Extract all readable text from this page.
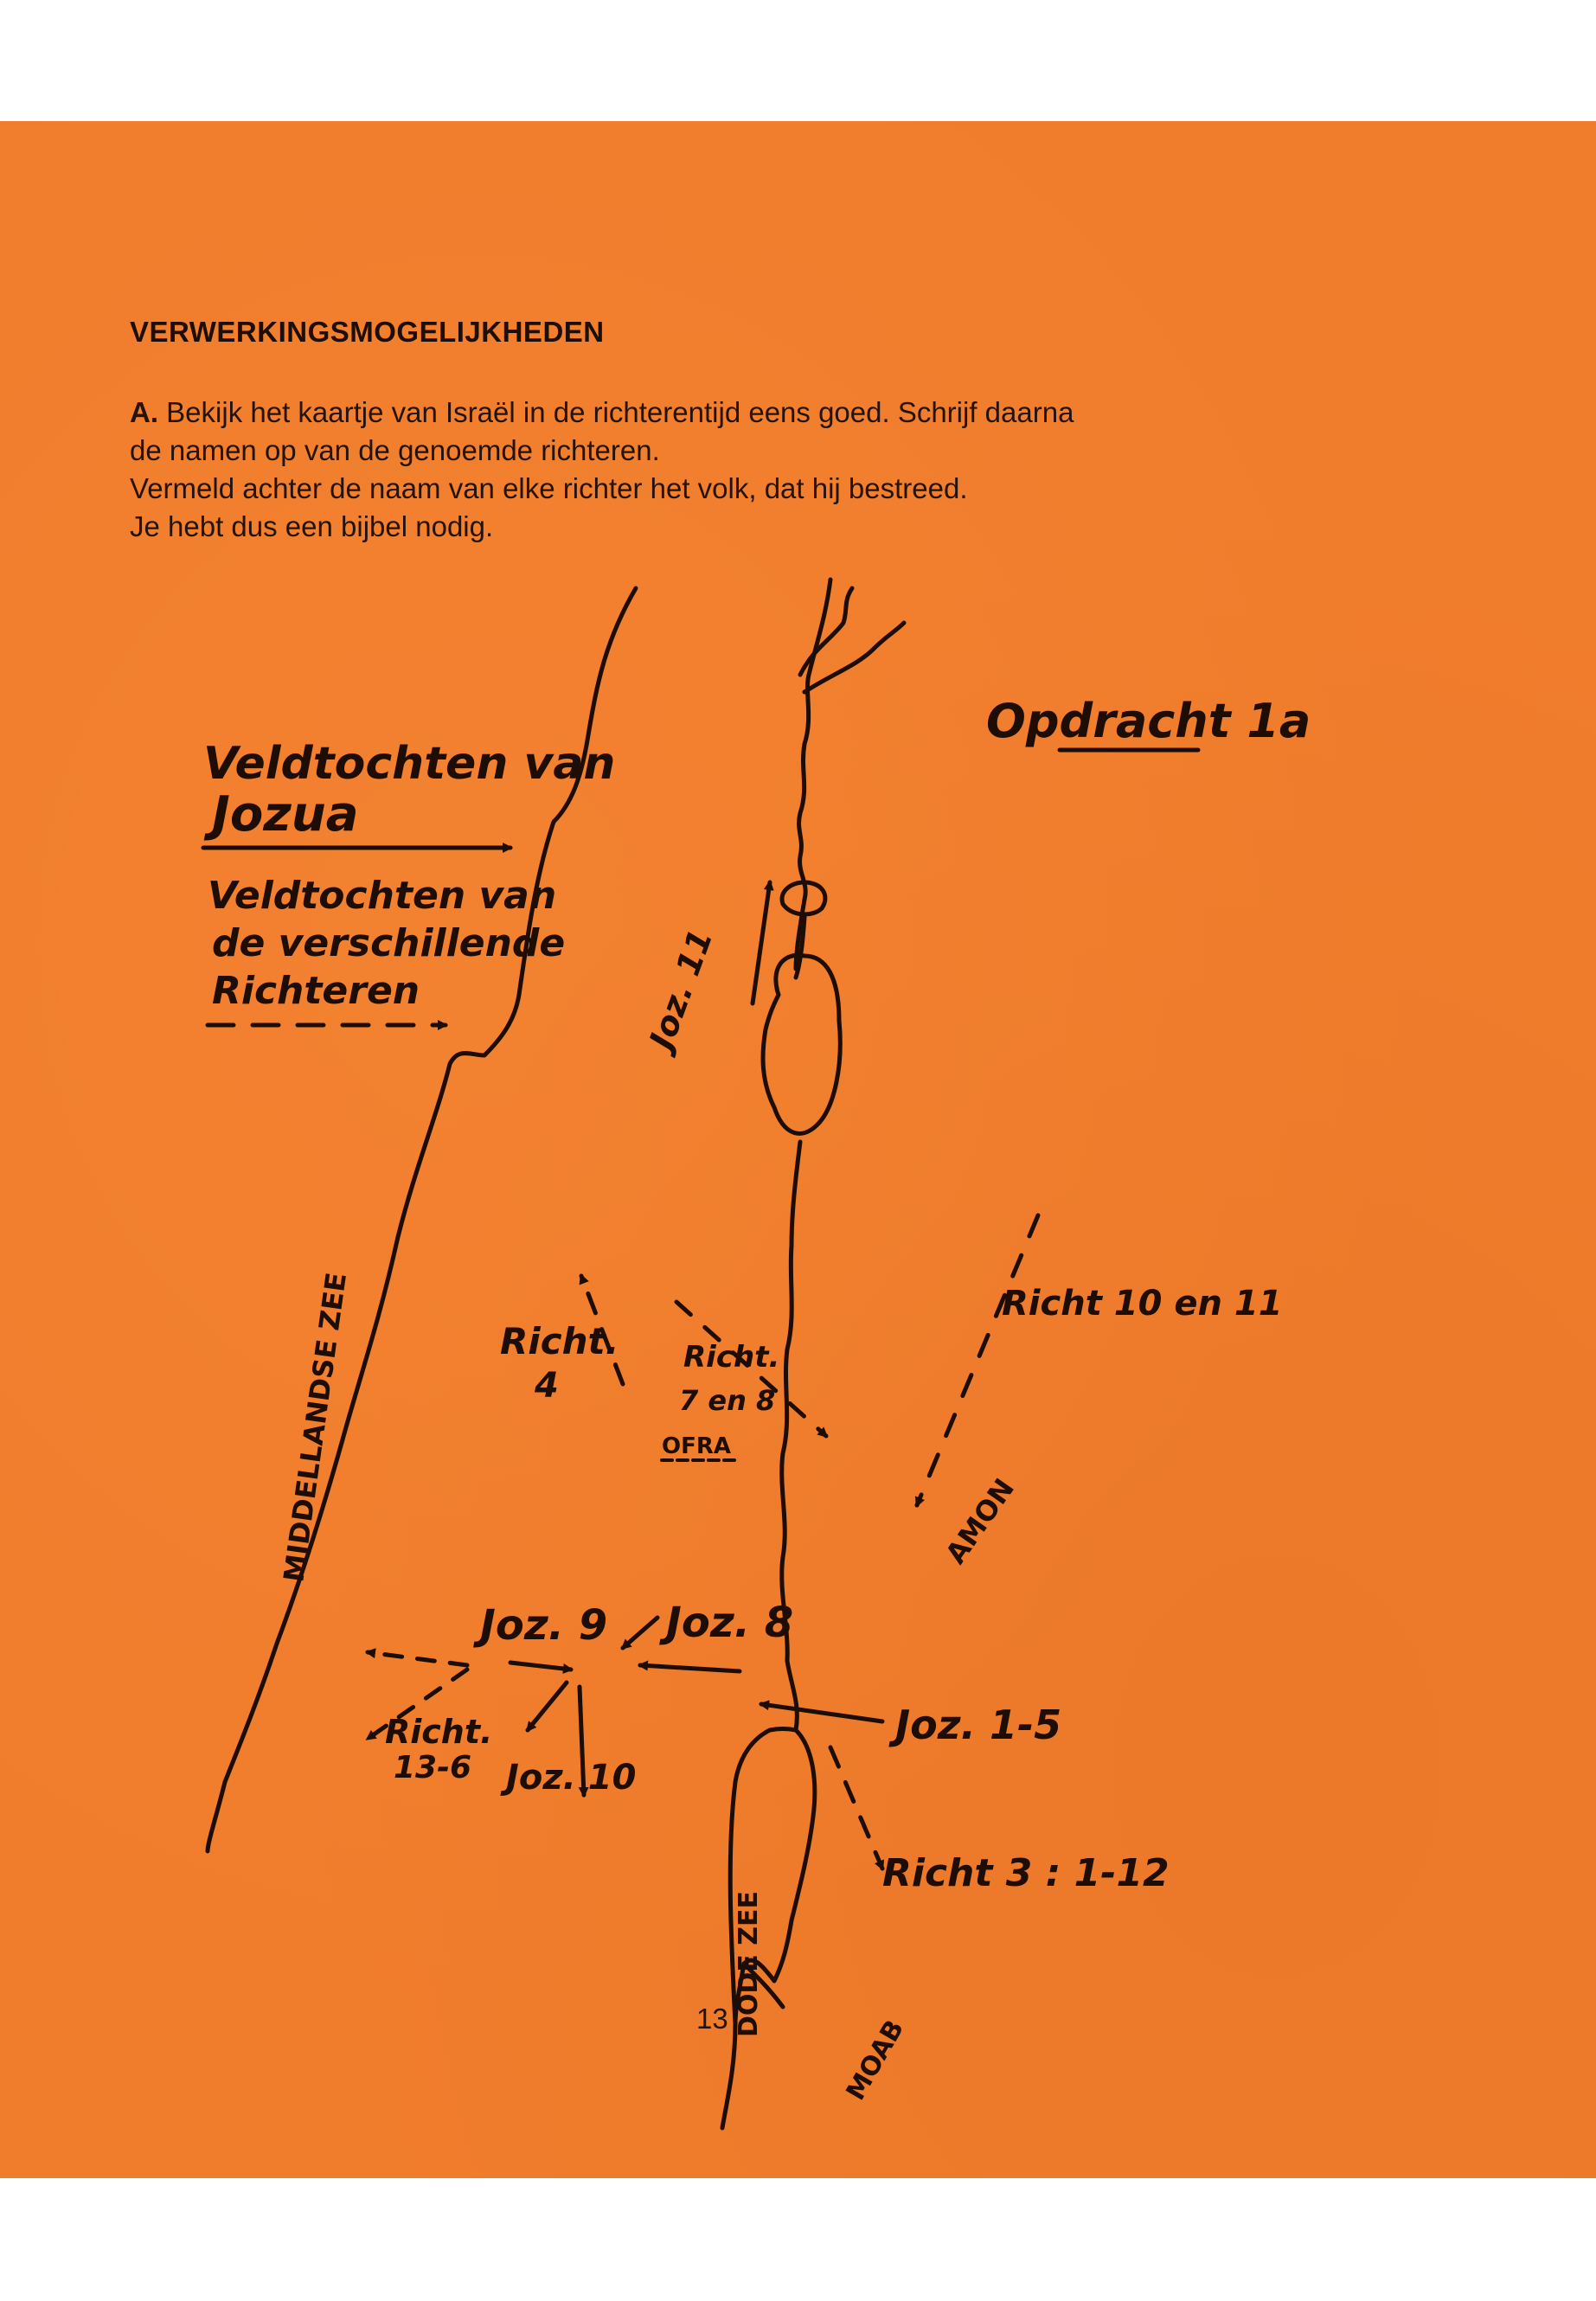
VERWERKINGSMOGELIJKHEDEN

A. Bekijk het kaartje van Israël in de richterentijd eens goed. Schrijf daarna
de namen op van de genoemde richteren.
Vermeld achter de naam van elke richter het volk, dat hij bestreed.
Je hebt dus een bijbel nodig.

Veldtochten van
Jozua
Veldtochten van
de verschillende
Richteren
Opdracht 1a
MIDDELLANDSE ZEE
DODE ZEE
Joz. 11
Richt 10 en 11
Richt.
4
Richt.
7 en 8
OFRA
AMON
Joz. 9 Joz. 8
Joz. 1-5
Richt.
13-6 Joz. 10
Richt 3 : 1-12
MOAB
13
